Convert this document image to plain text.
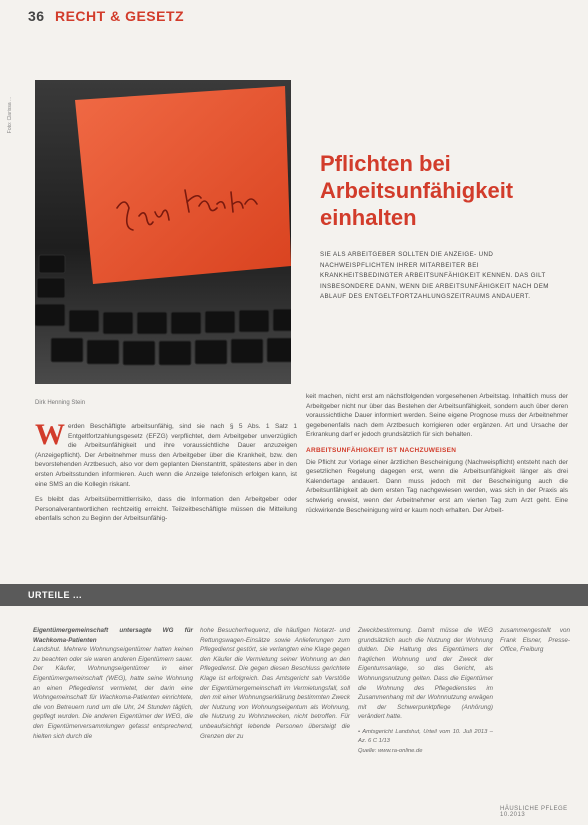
36 RECHT & GESETZ
Foto: Clarissa ...
Pflichten bei Arbeitsunfähigkeit einhalten
SIE ALS ARBEITGEBER SOLLTEN DIE ANZEIGE- UND NACHWEISPFLICHTEN IHRER MITARBEITER BEI KRANKHEITSBEDINGTER ARBEITSUNFÄHIGKEIT KENNEN. DAS GILT INSBESONDERE DANN, WENN DIE ARBEITSUNFÄHIGKEIT NACH DEM ABLAUF DES ENTGELTFORTZAHLUNGSZEITRAUMS ANDAUERT.
Dirk Henning Stein

Werden Beschäftigte arbeitsunfähig, sind sie nach § 5 Abs. 1 Satz 1 Entgeltfortzahlungsgesetz (EFZG) verpflichtet, dem Arbeitgeber unverzüglich die Arbeitsunfähigkeit und ihre voraussichtliche Dauer anzuzeigen (Anzeigepflicht). Der Arbeitnehmer muss den Arbeitgeber über die Krankheit, bzw. den bevorstehenden Arztbesuch, also vor dem geplanten Dienstantritt, spätestens aber in den ersten Arbeitsstunden informieren. Auch wenn die Anzeige telefonisch erfolgen kann, ist eine SMS an die Kollegin riskant.

Es bleibt das Arbeitsübermittlerrisiko, dass die Information den Arbeitgeber oder Personalverantwortlichen rechtzeitig erreicht. Teilzeitbeschäftigte müssen die Mitteilung ebenfalls schon zu Beginn der Arbeitsunfähig-

keit machen, nicht erst am nächstfolgenden vorgesehenen Arbeitstag. Inhaltlich muss der Arbeitgeber nicht nur über das Bestehen der Arbeitsunfähigkeit, sondern auch über deren voraussichtliche Dauer informiert werden. Seine eigene Prognose muss der Arbeitnehmer gegebenenfalls nach dem Arztbesuch korrigieren oder ergänzen. Art und Ursache der Erkrankung darf er jedoch grundsätzlich für sich behalten.

ARBEITSUNFÄHIGKEIT IST NACHZUWEISEN

Die Pflicht zur Vorlage einer ärztlichen Bescheinigung (Nachweispflicht) entsteht nach der gesetzlichen Regelung dagegen erst, wenn die Arbeitsunfähigkeit länger als drei Kalendertage andauert. Dann muss jedoch mit der Bescheinigung auch die Arbeitsunfähigkeit ab dem ersten Tag nachgewiesen werden, was sich in der Praxis als schwierig erweist, wenn der Arbeitnehmer erst am vierten Tag zum Arzt geht. Eine rückwirkende Bescheinigung wird er kaum noch erhalten. Der Arbeit-

URTEILE ...
Eigentümergemeinschaft untersagte WG für Wachkoma-Patienten
Landshut. Mehrere Wohnungseigentümer hatten keinen zu beachten oder sie waren anderen Eigentümern sauer. Der Käufer, Wohnungseigentümer in einer Eigentümergemeinschaft (WEG), hatte seine Wohnung an einen Pflegedienst vermietet, der darin eine Wohngemeinschaft für Wachkoma-Patienten einrichtete, die von Betreuern rund um die Uhr, 24 Stunden täglich, gepflegt wurden. Die anderen Eigentümer der WEG, die den Eigentümerversammlungen gefasst entsprechend, hielten sich durch die
hohe Besucherfrequenz, die häufigen Notarzt- und Rettungswagen-Einsätze sowie Anlieferungen zum Pflegedienst gestört, sie verlangten eine Klage gegen den Käufer die Vermietung seiner Wohnung an den Pflegedienst. Die gegen diesen Beschluss gerichtete Klage ist erfolgreich. Das Amtsgericht sah Verstöße der Eigentümergemeinschaft im Vermietungsfall, soll den mit einer Wohnungserklärung bestimmten Zweck der Nutzung von Wohnungseigentum als Wohnung, die Nutzung zu Wohnzwecken, nicht betroffen. Für unbeaufsichtigt lebende Personen übersteigt die Grenzen der zu
Zweckbestimmung. Damit müsse die WEG grundsätzlich auch die Nutzung der Wohnung dulden. Die Haltung des Eigentümers der fraglichen Wohnung und der Zweck der Eigentumsanlage, so das Gericht, als Wohnungsnutzung gelten. Dass die Eigentümer die Wohnung des Pflegedienstes im Zusammenhang mit der Wohnnutzung erwägen mit der Schwerpunktpflege (Anhörung) verändert hatte.
• Amtsgericht Landshut, Urteil vom 10. Juli 2013 – Az. 6 C 1/13
Quelle: www.ra-online.de
zusammengestellt von Frank Elsner, Presse-Office, Freiburg
HÄUSLICHE PFLEGE 10.2013
